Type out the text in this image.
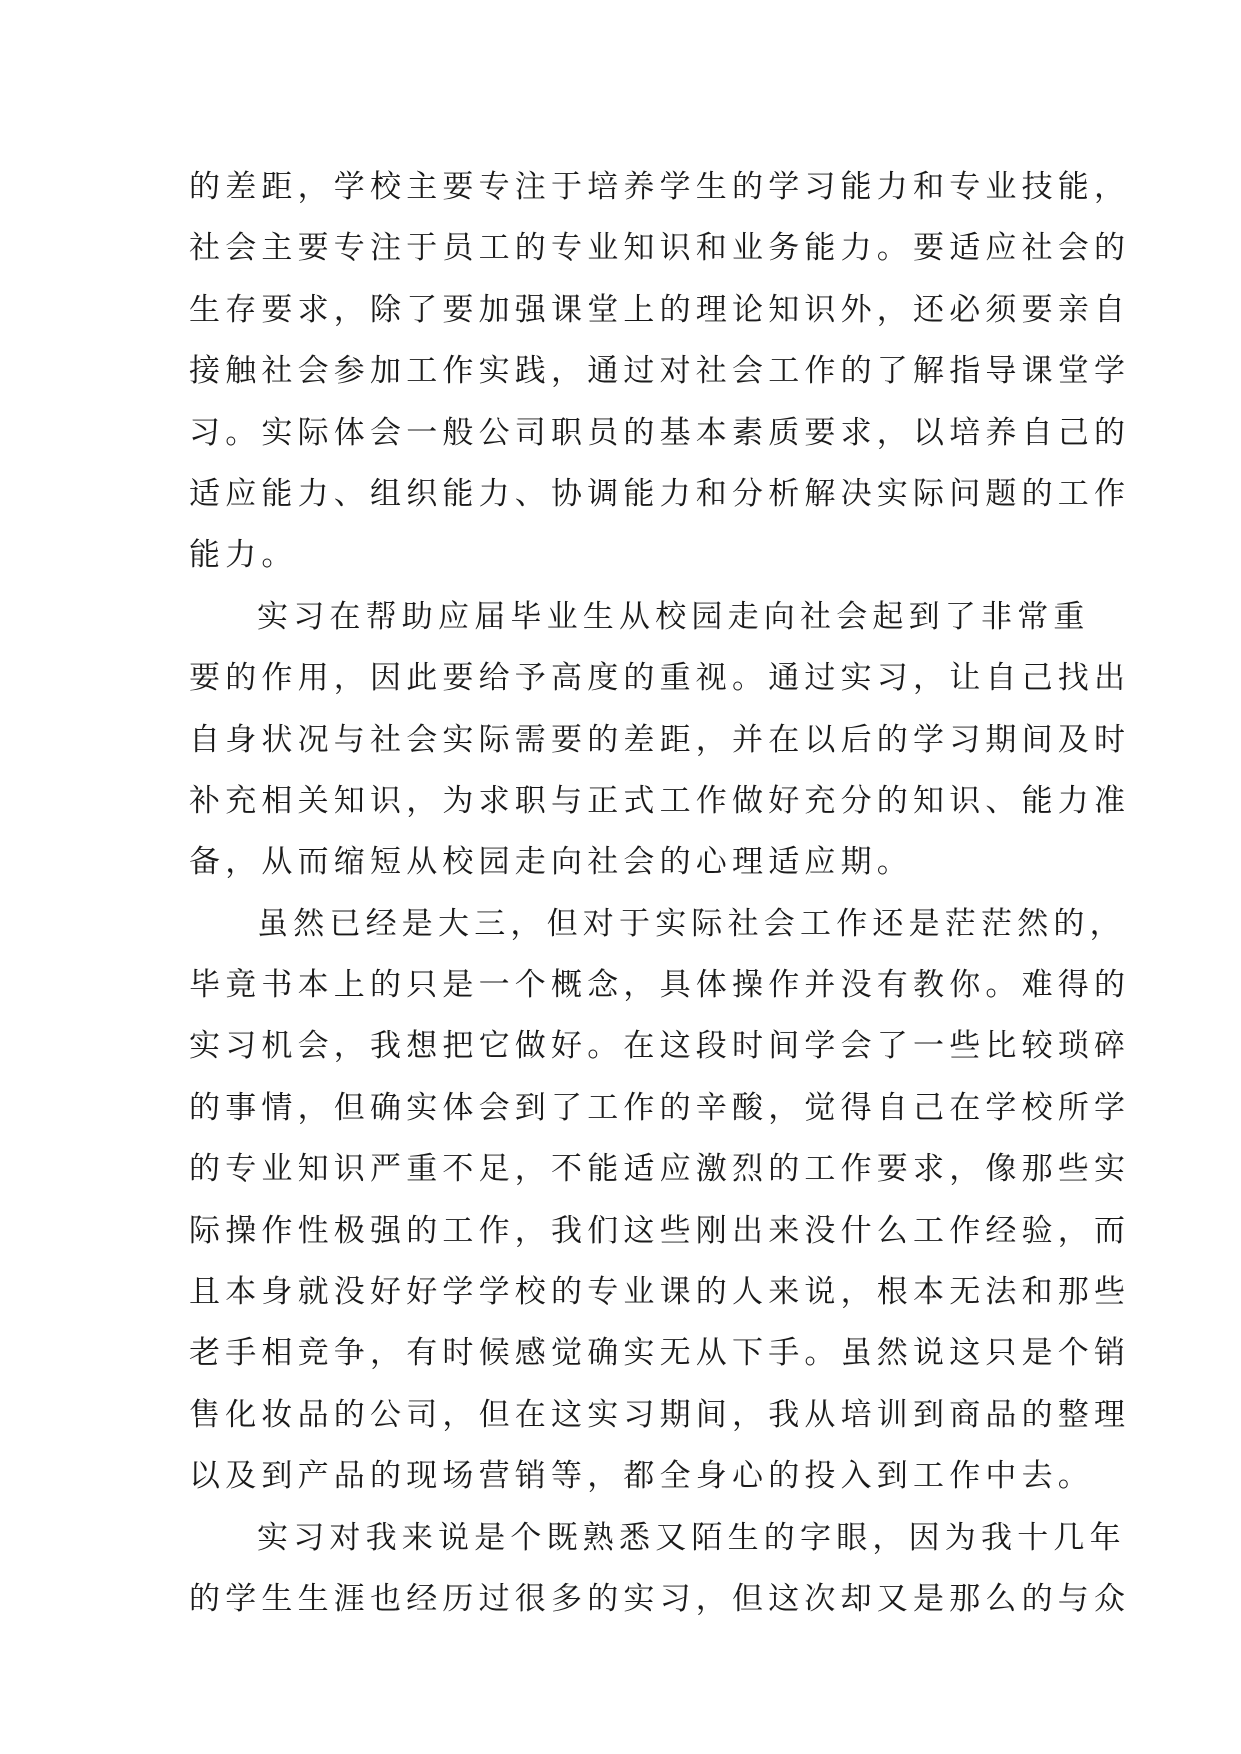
的差距，学校主要专注于培养学生的学习能力和专业技能，
社会主要专注于员工的专业知识和业务能力。要适应社会的
生存要求，除了要加强课堂上的理论知识外，还必须要亲自
接触社会参加工作实践，通过对社会工作的了解指导课堂学
习。实际体会一般公司职员的基本素质要求，以培养自己的
适应能力、组织能力、协调能力和分析解决实际问题的工作
能力。
实习在帮助应届毕业生从校园走向社会起到了非常重
要的作用，因此要给予高度的重视。通过实习，让自己找出
自身状况与社会实际需要的差距，并在以后的学习期间及时
补充相关知识，为求职与正式工作做好充分的知识、能力准
备，从而缩短从校园走向社会的心理适应期。
虽然已经是大三，但对于实际社会工作还是茫茫然的，
毕竟书本上的只是一个概念，具体操作并没有教你。难得的
实习机会，我想把它做好。在这段时间学会了一些比较琐碎
的事情，但确实体会到了工作的辛酸，觉得自己在学校所学
的专业知识严重不足，不能适应激烈的工作要求，像那些实
际操作性极强的工作，我们这些刚出来没什么工作经验，而
且本身就没好好学学校的专业课的人来说，根本无法和那些
老手相竞争，有时候感觉确实无从下手。虽然说这只是个销
售化妆品的公司，但在这实习期间，我从培训到商品的整理
以及到产品的现场营销等，都全身心的投入到工作中去。
实习对我来说是个既熟悉又陌生的字眼，因为我十几年
的学生生涯也经历过很多的实习，但这次却又是那么的与众
